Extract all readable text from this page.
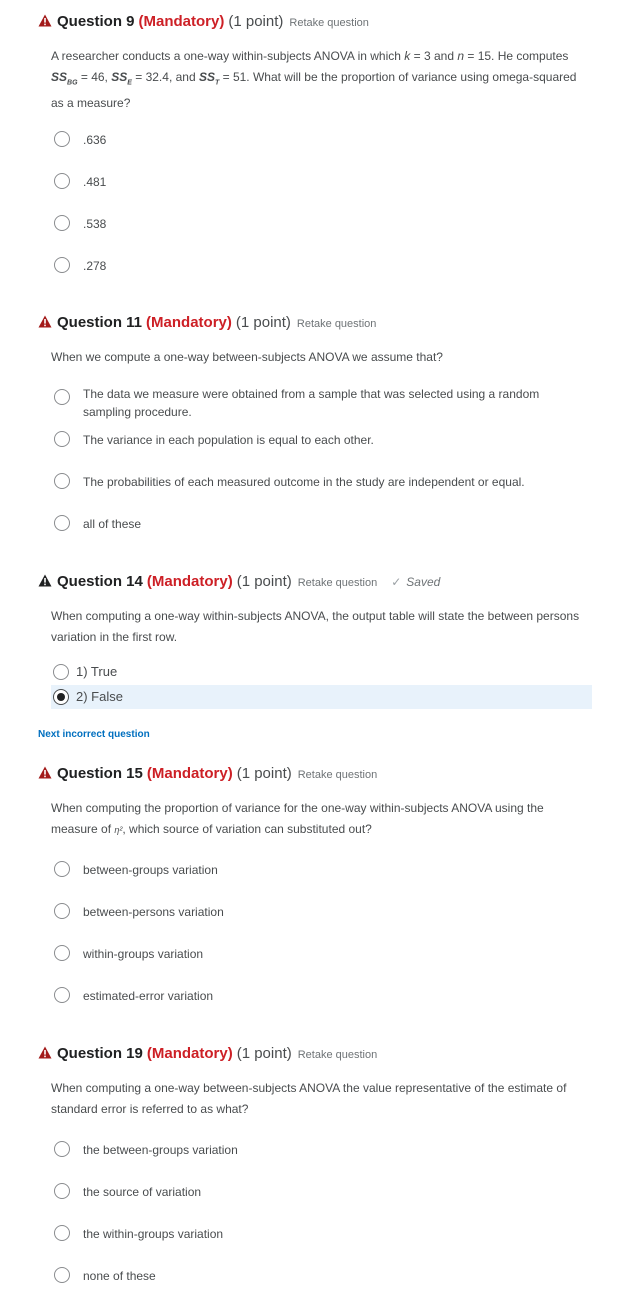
Question 9 (Mandatory) (1 point) Retake question
A researcher conducts a one-way within-subjects ANOVA in which k = 3 and n = 15. He computes
$SS_{BG} = 46$, $SS_E = 32.4$, and $SS_T = 51$. What will be the proportion of variance using omega-squared as a measure?
.636
.481
.538
.278
Question 11 (Mandatory) (1 point) Retake question
When we compute a one-way between-subjects ANOVA we assume that?
The data we measure were obtained from a sample that was selected using a random sampling procedure.
The variance in each population is equal to each other.
The probabilities of each measured outcome in the study are independent or equal.
all of these
Question 14 (Mandatory) (1 point) Retake question ✓ Saved
When computing a one-way within-subjects ANOVA, the output table will state the between persons variation in the first row.
1) True
2) False
Next incorrect question
Question 15 (Mandatory) (1 point) Retake question
When computing the proportion of variance for the one-way within-subjects ANOVA using the measure of η², which source of variation can substituted out?
between-groups variation
between-persons variation
within-groups variation
estimated-error variation
Question 19 (Mandatory) (1 point) Retake question
When computing a one-way between-subjects ANOVA the value representative of the estimate of standard error is referred to as what?
the between-groups variation
the source of variation
the within-groups variation
none of these
